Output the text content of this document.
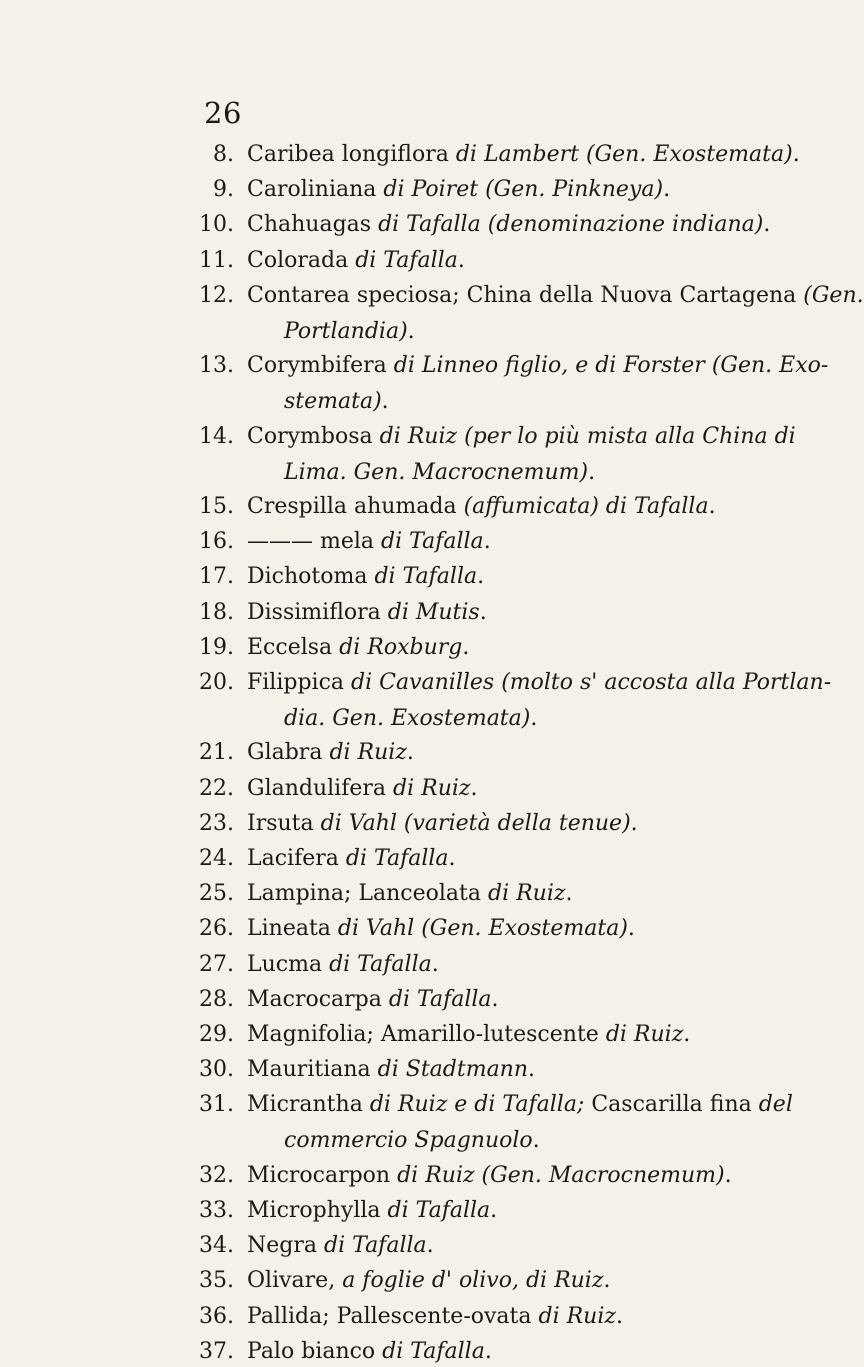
26
8. Caribea longiflora di Lambert (Gen. Exostemata).
9. Caroliniana di Poiret (Gen. Pinkneya).
10. Chahuagas di Tafalla (denominazione indiana).
11. Colorada di Tafalla.
12. Contarea speciosa; China della Nuova Cartagena (Gen.
Portlandia).
13. Corymbifera di Linneo figlio, e di Forster (Gen. Exo-
stemata).
14. Corymbosa di Ruiz (per lo più mista alla China di
Lima. Gen. Macrocnemum).
15. Crespilla ahumada (affumicata) di Tafalla.
16. ——— mela di Tafalla.
17. Dichotoma di Tafalla.
18. Dissimiflora di Mutis.
19. Eccelsa di Roxburg.
20. Filippica di Cavanilles (molto s' accosta alla Portlan-
dia. Gen. Exostemata).
21. Glabra di Ruiz.
22. Glandulifera di Ruiz.
23. Irsuta di Vahl (varietà della tenue).
24. Lacifera di Tafalla.
25. Lampina; Lanceolata di Ruiz.
26. Lineata di Vahl (Gen. Exostemata).
27. Lucma di Tafalla.
28. Macrocarpa di Tafalla.
29. Magnifolia; Amarillo-lutescente di Ruiz.
30. Mauritiana di Stadtmann.
31. Micrantha di Ruiz e di Tafalla; Cascarilla fina del
commercio Spagnuolo.
32. Microcarpon di Ruiz (Gen. Macrocnemum).
33. Microphylla di Tafalla.
34. Negra di Tafalla.
35. Olivare, a foglie d' olivo, di Ruiz.
36. Pallida; Pallescente-ovata di Ruiz.
37. Palo bianco di Tafalla.
